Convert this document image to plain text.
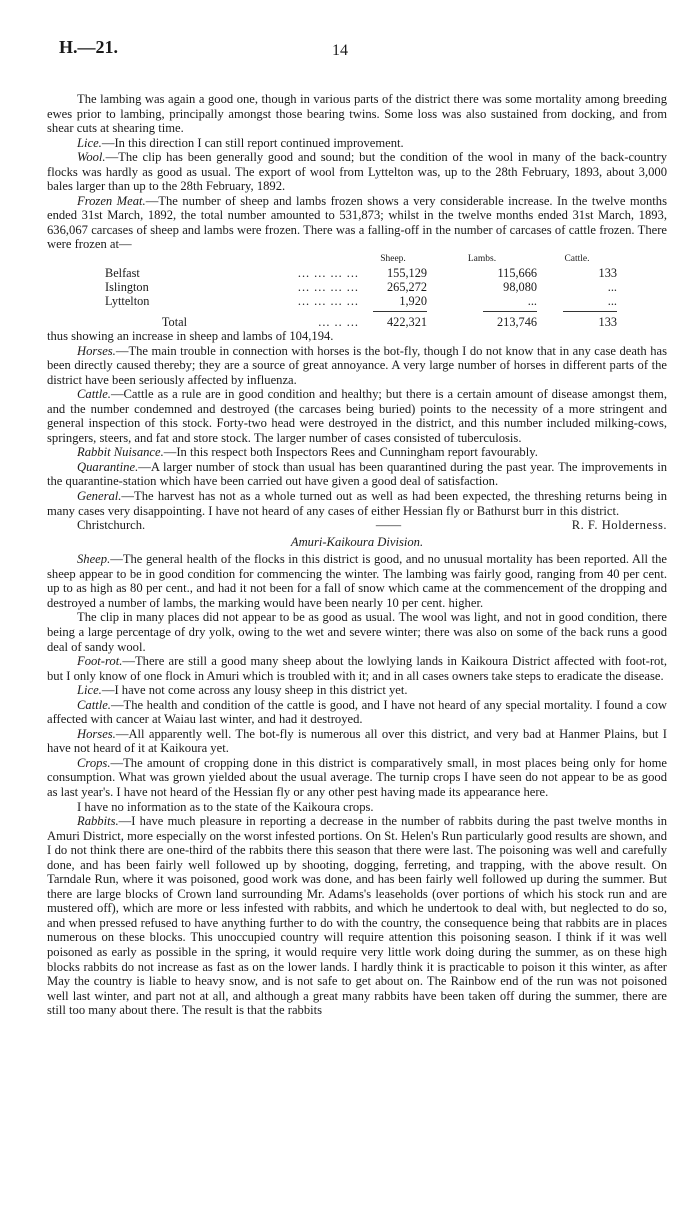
H.—21.	14

The lambing was again a good one, though in various parts of the district there was some mortality among breeding ewes prior to lambing, principally amongst those bearing twins. Some loss was also sustained from docking, and from shear cuts at shearing time.

Lice.—In this direction I can still report continued improvement.

Wool.—The clip has been generally good and sound; but the condition of the wool in many of the back-country flocks was hardly as good as usual. The export of wool from Lyttelton was, up to the 28th February, 1893, about 3,000 bales larger than up to the 28th February, 1892.

Frozen Meat.—The number of sheep and lambs frozen shows a very considerable increase. In the twelve months ended 31st March, 1892, the total number amounted to 531,873; whilst in the twelve months ended 31st March, 1893, 636,067 carcases of sheep and lambs were frozen. There was a falling-off in the number of carcases of cattle frozen. There were frozen at—

		Sheep.	Lambs.	Cattle.
Belfast	... ... ... ...	155,129	115,666	133
Islington	... ... ... ...	265,272	98,080	...
Lyttelton	... ... ... ...	1,920	...	...

Total	... .. ...	422,321	213,746	133

thus showing an increase in sheep and lambs of 104,194.

Horses.—The main trouble in connection with horses is the bot-fly, though I do not know that in any case death has been directly caused thereby; they are a source of great annoyance. A very large number of horses in different parts of the district have been seriously affected by influenza.

Cattle.—Cattle as a rule are in good condition and healthy; but there is a certain amount of disease amongst them, and the number condemned and destroyed (the carcases being buried) points to the necessity of a more stringent and general inspection of this stock. Forty-two head were destroyed in the district, and this number included milking-cows, springers, steers, and fat and store stock. The larger number of cases consisted of tuberculosis.

Rabbit Nuisance.—In this respect both Inspectors Rees and Cunningham report favourably.

Quarantine.—A larger number of stock than usual has been quarantined during the past year. The improvements in the quarantine-station which have been carried out have given a good deal of satisfaction.

General.—The harvest has not as a whole turned out as well as had been expected, the threshing returns being in many cases very disappointing. I have not heard of any cases of either Hessian fly or Bathurst burr in this district.

Christchurch.	——	R. F. Holderness.

Amuri-Kaikoura Division.

Sheep.—The general health of the flocks in this district is good, and no unusual mortality has been reported. All the sheep appear to be in good condition for commencing the winter. The lambing was fairly good, ranging from 40 per cent. up to as high as 80 per cent., and had it not been for a fall of snow which came at the commencement of the dropping and destroyed a number of lambs, the marking would have been nearly 10 per cent. higher.

The clip in many places did not appear to be as good as usual. The wool was light, and not in good condition, there being a large percentage of dry yolk, owing to the wet and severe winter; there was also on some of the back runs a good deal of sandy wool.

Foot-rot.—There are still a good many sheep about the lowlying lands in Kaikoura District affected with foot-rot, but I only know of one flock in Amuri which is troubled with it; and in all cases owners take steps to eradicate the disease.

Lice.—I have not come across any lousy sheep in this district yet.

Cattle.—The health and condition of the cattle is good, and I have not heard of any special mortality. I found a cow affected with cancer at Waiau last winter, and had it destroyed.

Horses.—All apparently well. The bot-fly is numerous all over this district, and very bad at Hanmer Plains, but I have not heard of it at Kaikoura yet.

Crops.—The amount of cropping done in this district is comparatively small, in most places being only for home consumption. What was grown yielded about the usual average. The turnip crops I have seen do not appear to be as good as last year's. I have not heard of the Hessian fly or any other pest having made its appearance here.

I have no information as to the state of the Kaikoura crops.

Rabbits.—I have much pleasure in reporting a decrease in the number of rabbits during the past twelve months in Amuri District, more especially on the worst infested portions. On St. Helen's Run particularly good results are shown, and I do not think there are one-third of the rabbits there this season that there were last. The poisoning was well and carefully done, and has been fairly well followed up by shooting, dogging, ferreting, and trapping, with the above result. On Tarndale Run, where it was poisoned, good work was done, and has been fairly well followed up during the summer. But there are large blocks of Crown land surrounding Mr. Adams's leaseholds (over portions of which his stock run and are mustered off), which are more or less infested with rabbits, and which he undertook to deal with, but neglected to do so, and when pressed refused to have anything further to do with the country, the consequence being that rabbits are in places numerous on these blocks. This unoccupied country will require attention this poisoning season. I think if it was well poisoned as early as possible in the spring, it would require very little work doing during the summer, as on these high blocks rabbits do not increase as fast as on the lower lands. I hardly think it is practicable to poison it this winter, as after May the country is liable to heavy snow, and is not safe to get about on. The Rainbow end of the run was not poisoned well last winter, and part not at all, and although a great many rabbits have been taken off during the summer, there are still too many about there. The result is that the rabbits
